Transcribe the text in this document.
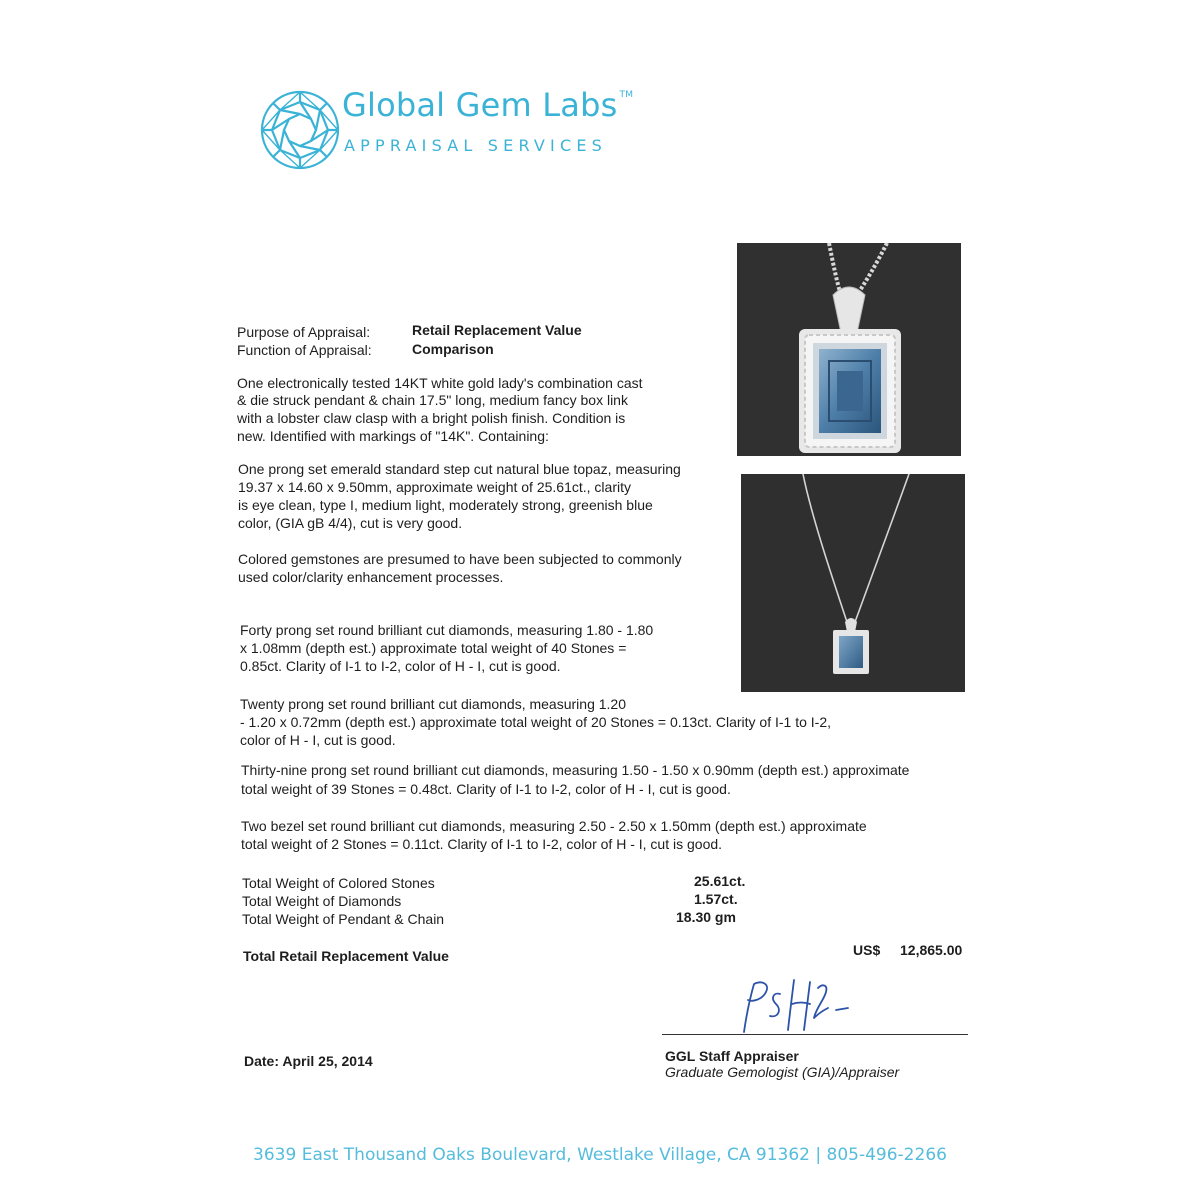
Global Gem Labs ™
APPRAISAL SERVICES
Purpose of Appraisal:	Retail Replacement Value
Function of Appraisal:	Comparison
One electronically tested 14KT white gold lady's combination cast
& die struck pendant & chain 17.5" long, medium fancy box link
with a lobster claw clasp with a bright polish finish. Condition is
new. Identified with markings of "14K". Containing:
One prong set emerald standard step cut natural blue topaz, measuring
19.37 x 14.60 x 9.50mm, approximate weight of 25.61ct., clarity
is eye clean, type I, medium light, moderately strong, greenish blue
color, (GIA gB 4/4), cut is very good.
Colored gemstones are presumed to have been subjected to commonly
used color/clarity enhancement processes.
Forty prong set round brilliant cut diamonds, measuring 1.80 - 1.80
x 1.08mm (depth est.) approximate total weight of 40 Stones =
0.85ct. Clarity of I-1 to I-2, color of H - I, cut is good.
Twenty prong set round brilliant cut diamonds, measuring 1.20
- 1.20 x 0.72mm (depth est.) approximate total weight of 20 Stones = 0.13ct. Clarity of I-1 to I-2,
color of H - I, cut is good.
Thirty-nine prong set round brilliant cut diamonds, measuring 1.50 - 1.50 x 0.90mm (depth est.) approximate
total weight of 39 Stones = 0.48ct. Clarity of I-1 to I-2, color of H - I, cut is good.
Two bezel set round brilliant cut diamonds, measuring 2.50 - 2.50 x 1.50mm (depth est.) approximate
total weight of 2 Stones = 0.11ct. Clarity of I-1 to I-2, color of H - I, cut is good.
Total Weight of Colored Stones	25.61ct.
Total Weight of Diamonds	1.57ct.
Total Weight of Pendant & Chain	18.30 gm
Total Retail Replacement Value	US$ 12,865.00
Date: April 25, 2014	GGL Staff Appraiser
Graduate Gemologist (GIA)/Appraiser
3639 East Thousand Oaks Boulevard, Westlake Village, CA 91362 | 805-496-2266
